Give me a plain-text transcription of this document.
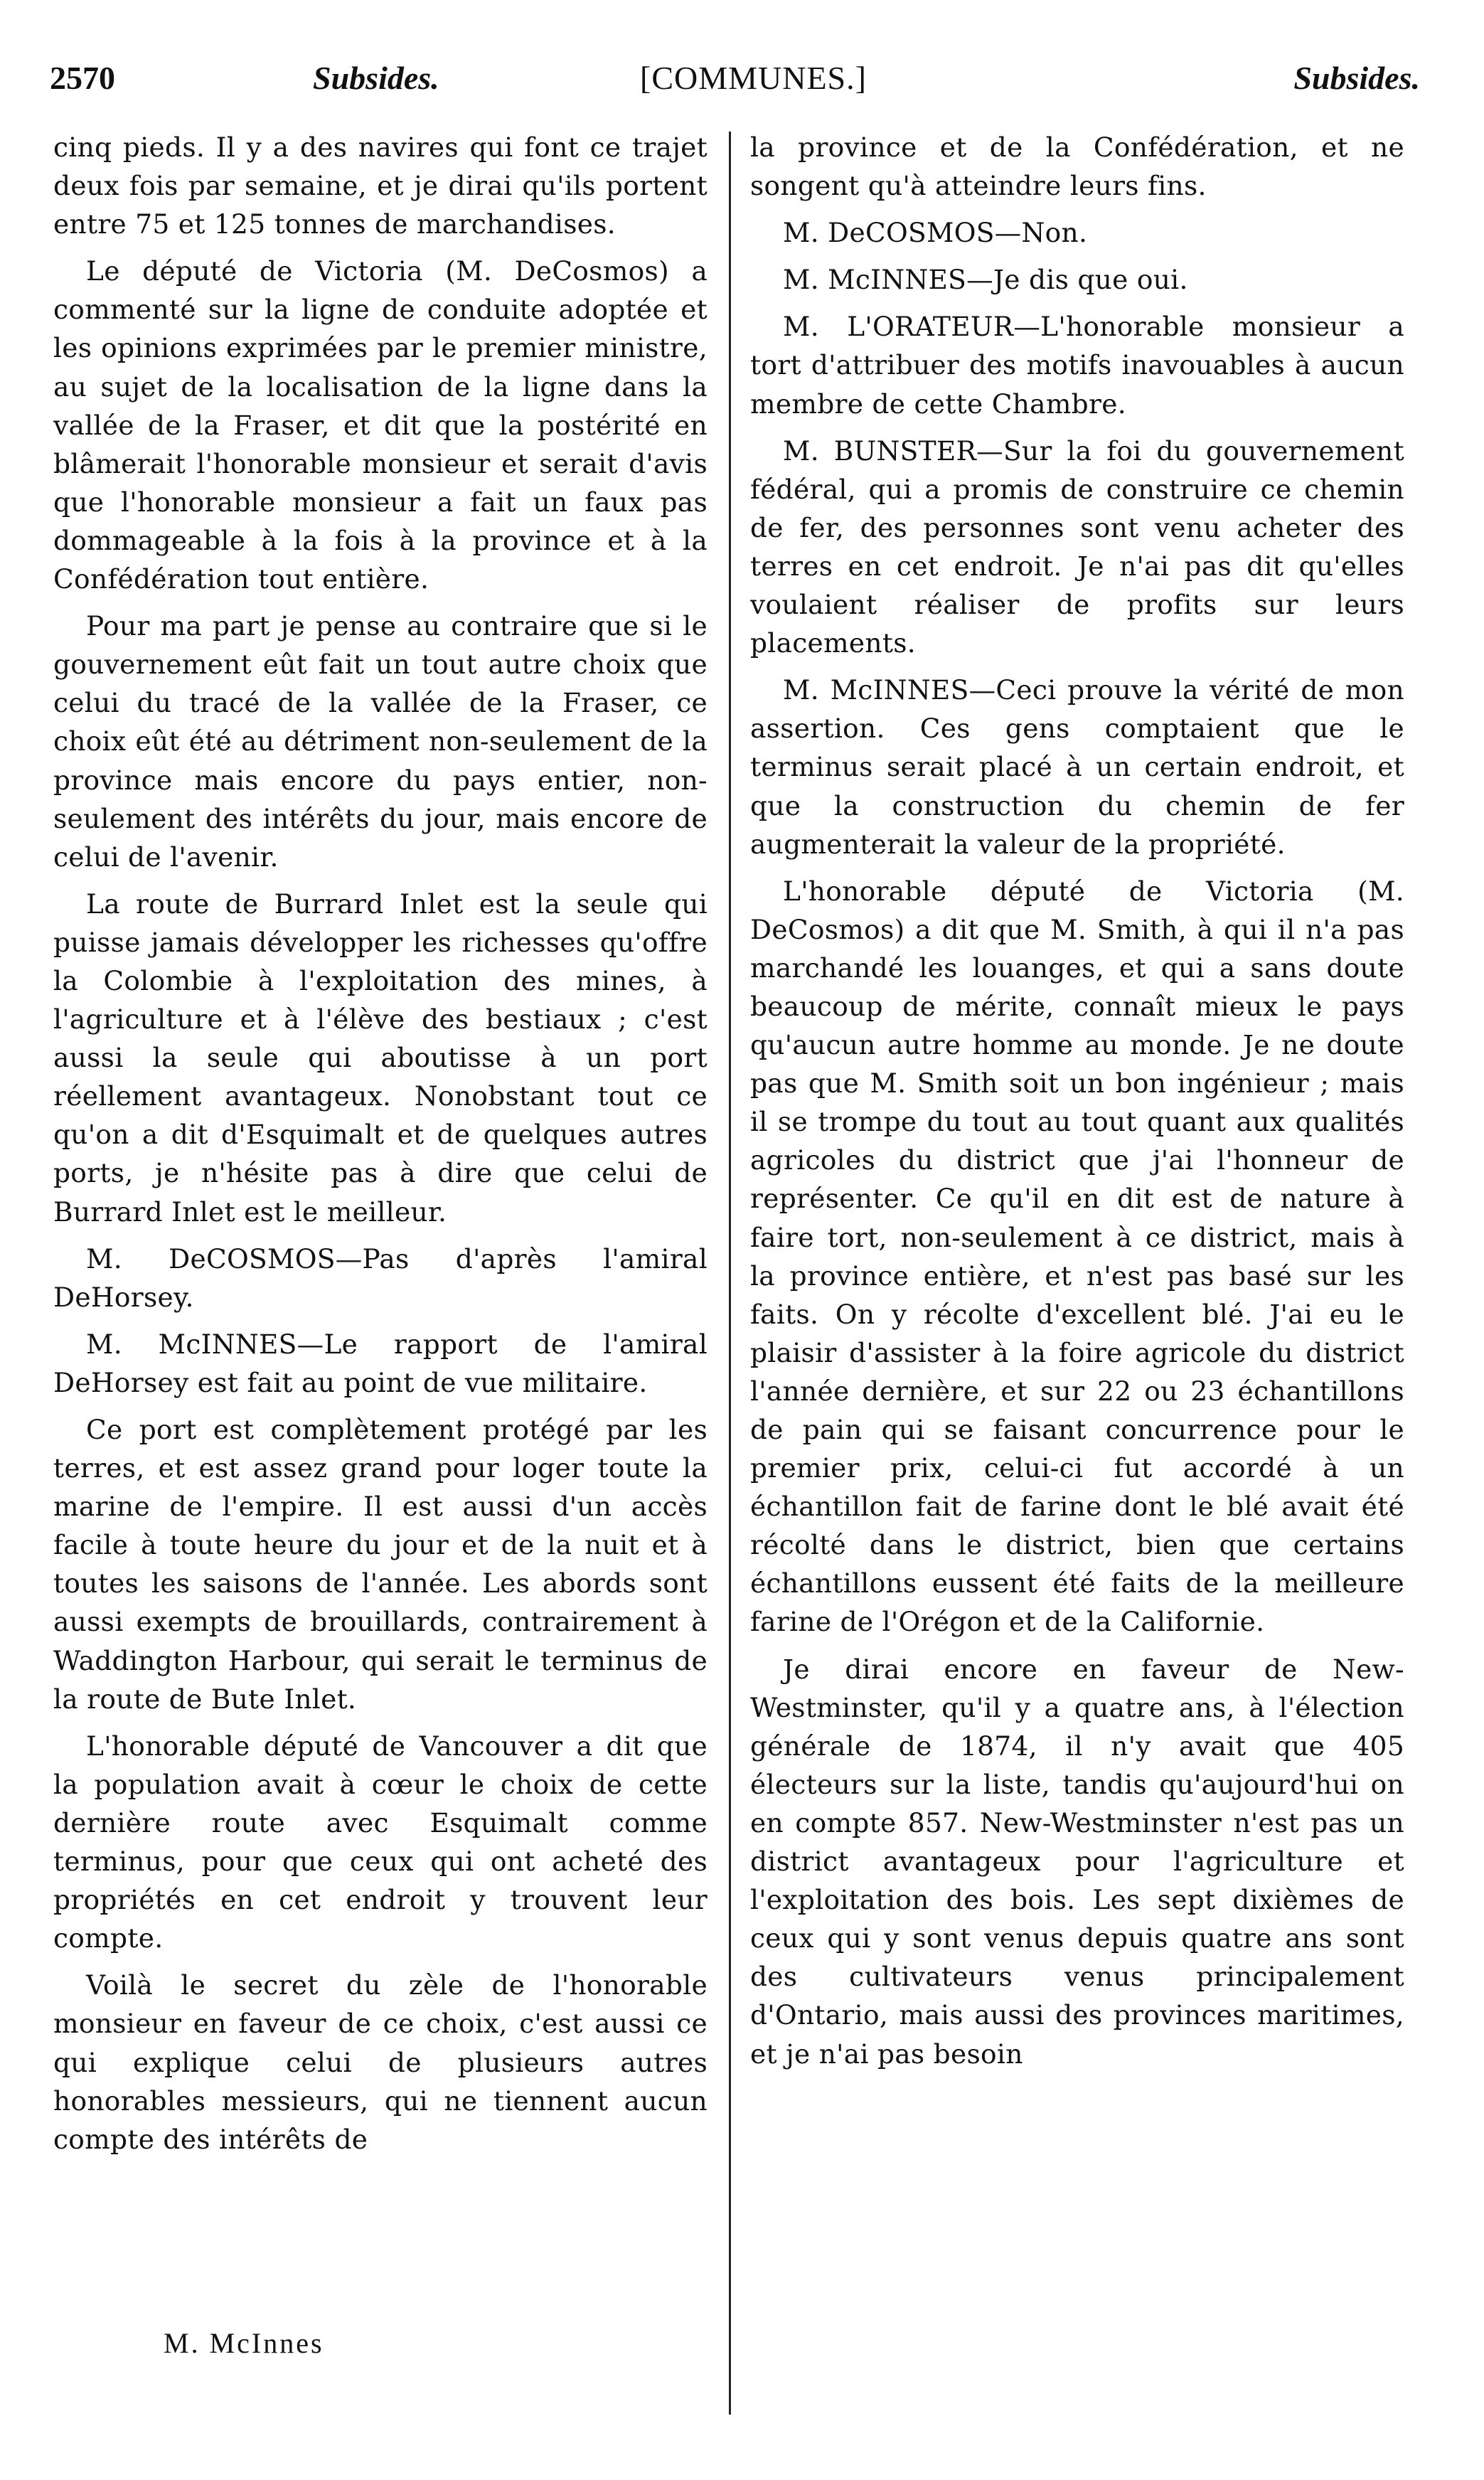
2570	Subsides.	[COMMUNES.]	Subsides.

cinq pieds. Il y a des navires qui font ce trajet deux fois par semaine, et je dirai qu'ils portent entre 75 et 125 tonnes de marchandises.

Le député de Victoria (M. DeCosmos) a commenté sur la ligne de conduite adoptée et les opinions exprimées par le premier ministre, au sujet de la localisation de la ligne dans la vallée de la Fraser, et dit que la postérité en blâmerait l'honorable monsieur et serait d'avis que l'honorable monsieur a fait un faux pas dommageable à la fois à la province et à la Confédération tout entière.

Pour ma part je pense au contraire que si le gouvernement eût fait un tout autre choix que celui du tracé de la vallée de la Fraser, ce choix eût été au détriment non-seulement de la province mais encore du pays entier, non-seulement des intérêts du jour, mais encore de celui de l'avenir.

La route de Burrard Inlet est la seule qui puisse jamais développer les richesses qu'offre la Colombie à l'exploitation des mines, à l'agriculture et à l'élève des bestiaux ; c'est aussi la seule qui aboutisse à un port réellement avantageux. Nonobstant tout ce qu'on a dit d'Esquimalt et de quelques autres ports, je n'hésite pas à dire que celui de Burrard Inlet est le meilleur.

M. DeCOSMOS—Pas d'après l'amiral DeHorsey.

M. McINNES—Le rapport de l'amiral DeHorsey est fait au point de vue militaire.

Ce port est complètement protégé par les terres, et est assez grand pour loger toute la marine de l'empire. Il est aussi d'un accès facile à toute heure du jour et de la nuit et à toutes les saisons de l'année. Les abords sont aussi exempts de brouillards, contrairement à Waddington Harbour, qui serait le terminus de la route de Bute Inlet.

L'honorable député de Vancouver a dit que la population avait à cœur le choix de cette dernière route avec Esquimalt comme terminus, pour que ceux qui ont acheté des propriétés en cet endroit y trouvent leur compte.

Voilà le secret du zèle de l'honorable monsieur en faveur de ce choix, c'est aussi ce qui explique celui de plusieurs autres honorables messieurs, qui ne tiennent aucun compte des intérêts de

la province et de la Confédération, et ne songent qu'à atteindre leurs fins.

M. DeCOSMOS—Non.

M. McINNES—Je dis que oui.

M. L'ORATEUR—L'honorable monsieur a tort d'attribuer des motifs inavouables à aucun membre de cette Chambre.

M. BUNSTER—Sur la foi du gouvernement fédéral, qui a promis de construire ce chemin de fer, des personnes sont venu acheter des terres en cet endroit. Je n'ai pas dit qu'elles voulaient réaliser de profits sur leurs placements.

M. McINNES—Ceci prouve la vérité de mon assertion. Ces gens comptaient que le terminus serait placé à un certain endroit, et que la construction du chemin de fer augmenterait la valeur de la propriété.

L'honorable député de Victoria (M. DeCosmos) a dit que M. Smith, à qui il n'a pas marchandé les louanges, et qui a sans doute beaucoup de mérite, connaît mieux le pays qu'aucun autre homme au monde. Je ne doute pas que M. Smith soit un bon ingénieur ; mais il se trompe du tout au tout quant aux qualités agricoles du district que j'ai l'honneur de représenter. Ce qu'il en dit est de nature à faire tort, non-seulement à ce district, mais à la province entière, et n'est pas basé sur les faits. On y récolte d'excellent blé. J'ai eu le plaisir d'assister à la foire agricole du district l'année dernière, et sur 22 ou 23 échantillons de pain qui se faisant concurrence pour le premier prix, celui-ci fut accordé à un échantillon fait de farine dont le blé avait été récolté dans le district, bien que certains échantillons eussent été faits de la meilleure farine de l'Orégon et de la Californie.

Je dirai encore en faveur de New-Westminster, qu'il y a quatre ans, à l'élection générale de 1874, il n'y avait que 405 électeurs sur la liste, tandis qu'aujourd'hui on en compte 857. New-Westminster n'est pas un district avantageux pour l'agriculture et l'exploitation des bois. Les sept dixièmes de ceux qui y sont venus depuis quatre ans sont des cultivateurs venus principalement d'Ontario, mais aussi des provinces maritimes, et je n'ai pas besoin

M. McInnes
